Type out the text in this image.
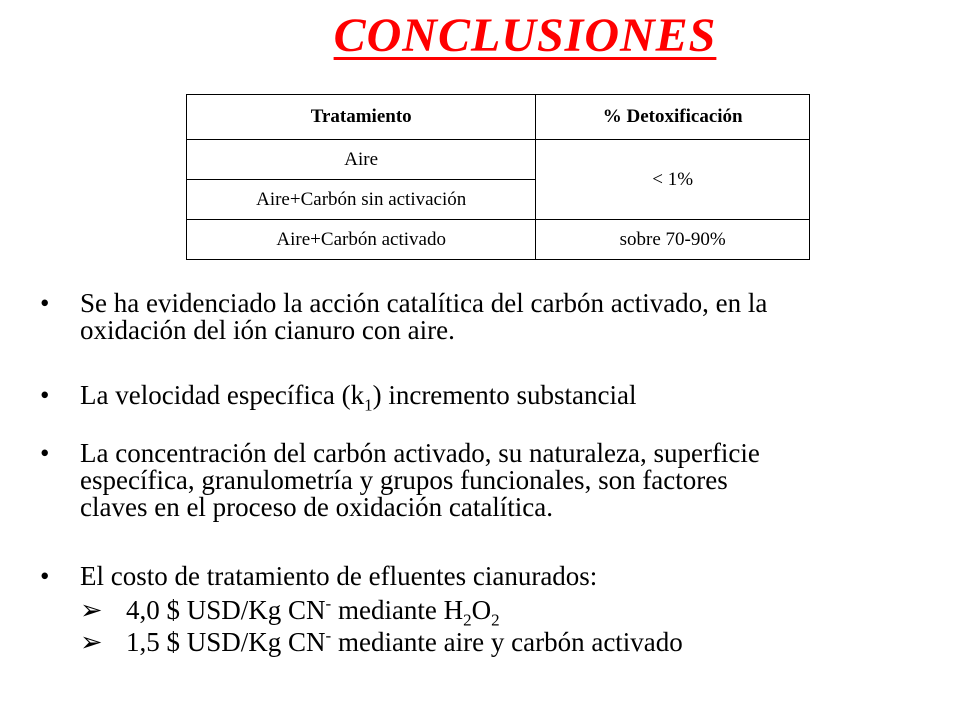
CONCLUSIONES
Tratamiento	% Detoxificación
Aire	< 1%
Aire+Carbón sin activación	
Aire+Carbón activado	sobre 70-90%
•	Se ha evidenciado la acción catalítica del carbón activado, en la
oxidación del ión cianuro con aire.
•	La velocidad específica $(k_1)$ incremento substancial
•	La concentración del carbón activado, su naturaleza, superficie
específica, granulometría y grupos funcionales, son factores
claves en el proceso de oxidación catalítica.
•	El costo de tratamiento de efluentes cianurados:
➢ 4,0 $ USD/Kg CN- mediante $H_2O_2$
➢ 1,5 $ USD/Kg CN- mediante aire y carbón activado
